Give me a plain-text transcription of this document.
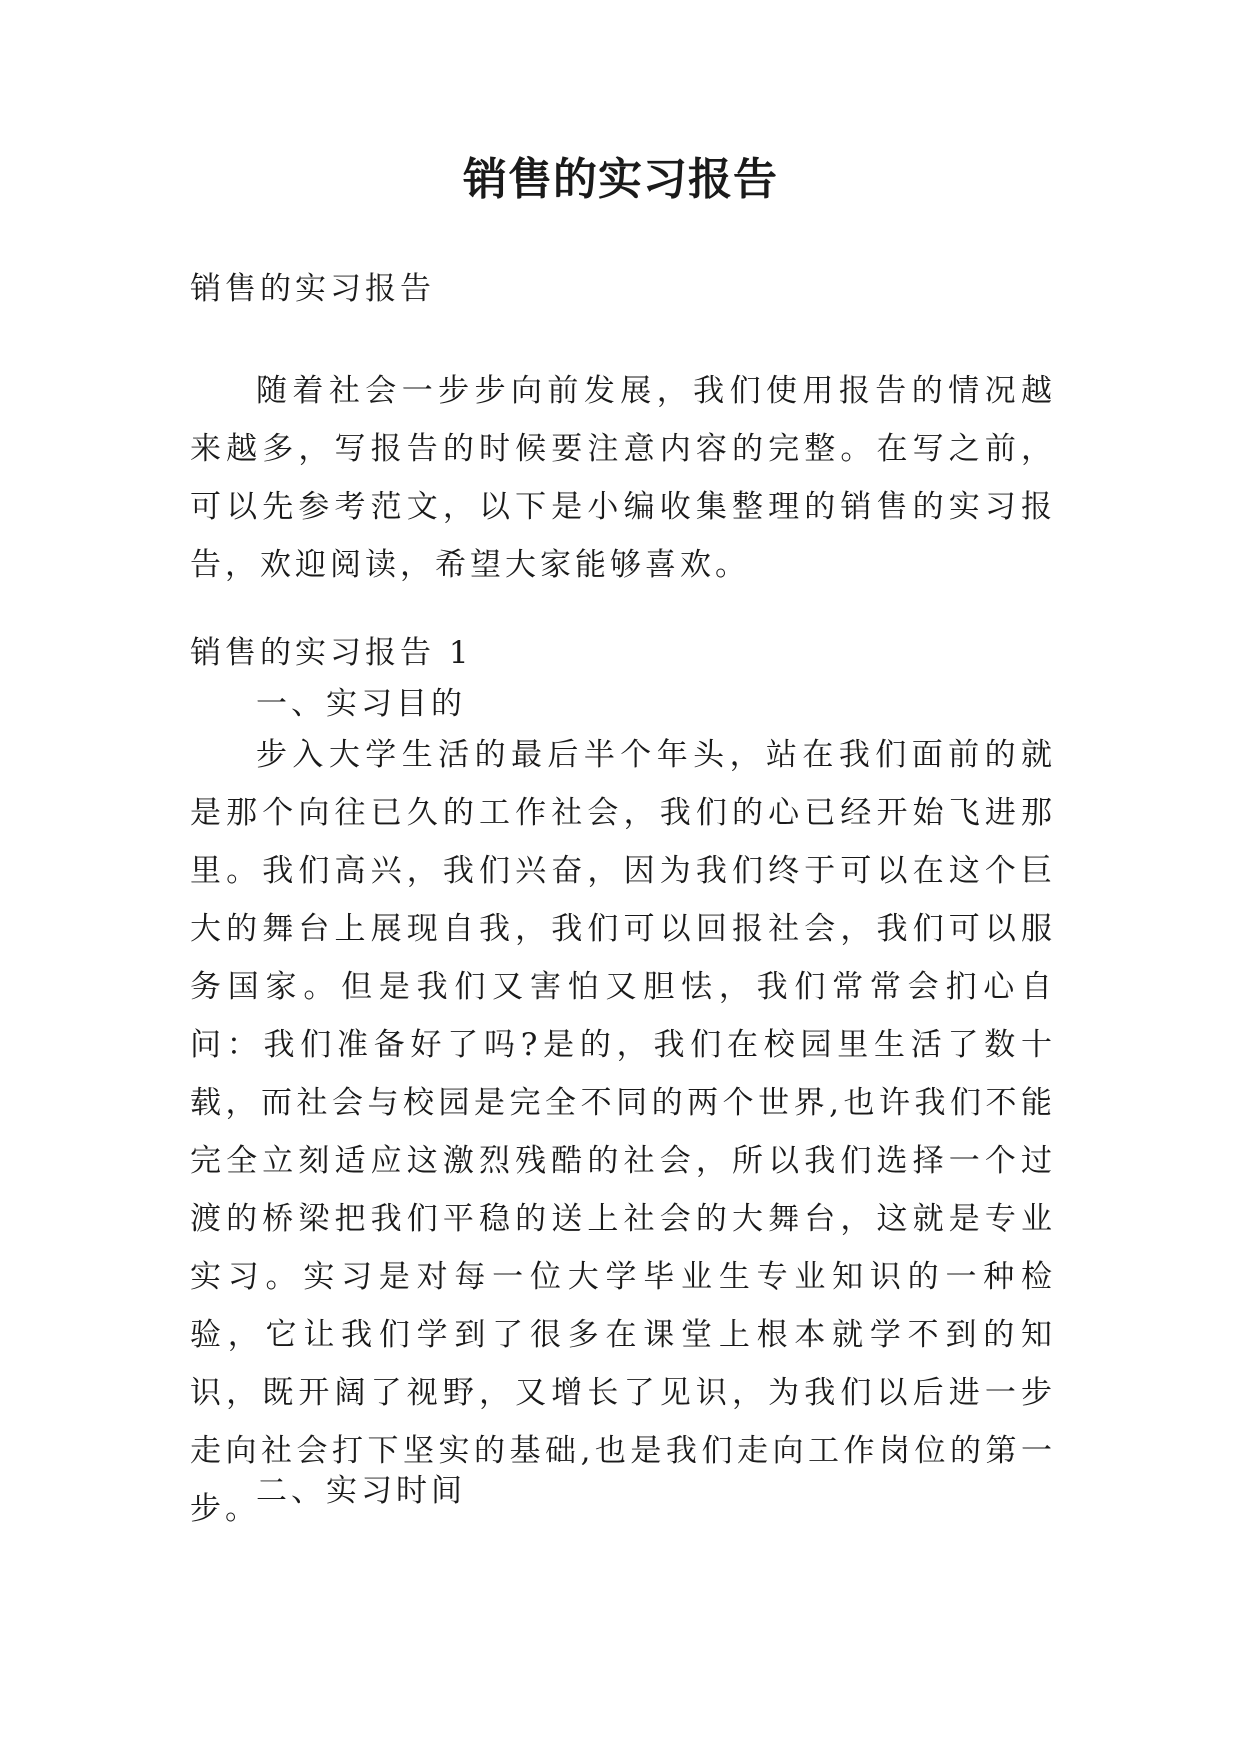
销售的实习报告

销售的实习报告

随着社会一步步向前发展，我们使用报告的情况越来越多，写报告的时候要注意内容的完整。在写之前，可以先参考范文，以下是小编收集整理的销售的实习报告，欢迎阅读，希望大家能够喜欢。

销售的实习报告 1

一、实习目的

步入大学生活的最后半个年头，站在我们面前的就是那个向往已久的工作社会，我们的心已经开始飞进那里。我们高兴，我们兴奋，因为我们终于可以在这个巨大的舞台上展现自我，我们可以回报社会，我们可以服务国家。但是我们又害怕又胆怯，我们常常会扪心自问：我们准备好了吗?是的，我们在校园里生活了数十载，而社会与校园是完全不同的两个世界,也许我们不能完全立刻适应这激烈残酷的社会，所以我们选择一个过渡的桥梁把我们平稳的送上社会的大舞台，这就是专业实习。实习是对每一位大学毕业生专业知识的一种检验，它让我们学到了很多在课堂上根本就学不到的知识，既开阔了视野，又增长了见识，为我们以后进一步走向社会打下坚实的基础,也是我们走向工作岗位的第一步。

二、实习时间
